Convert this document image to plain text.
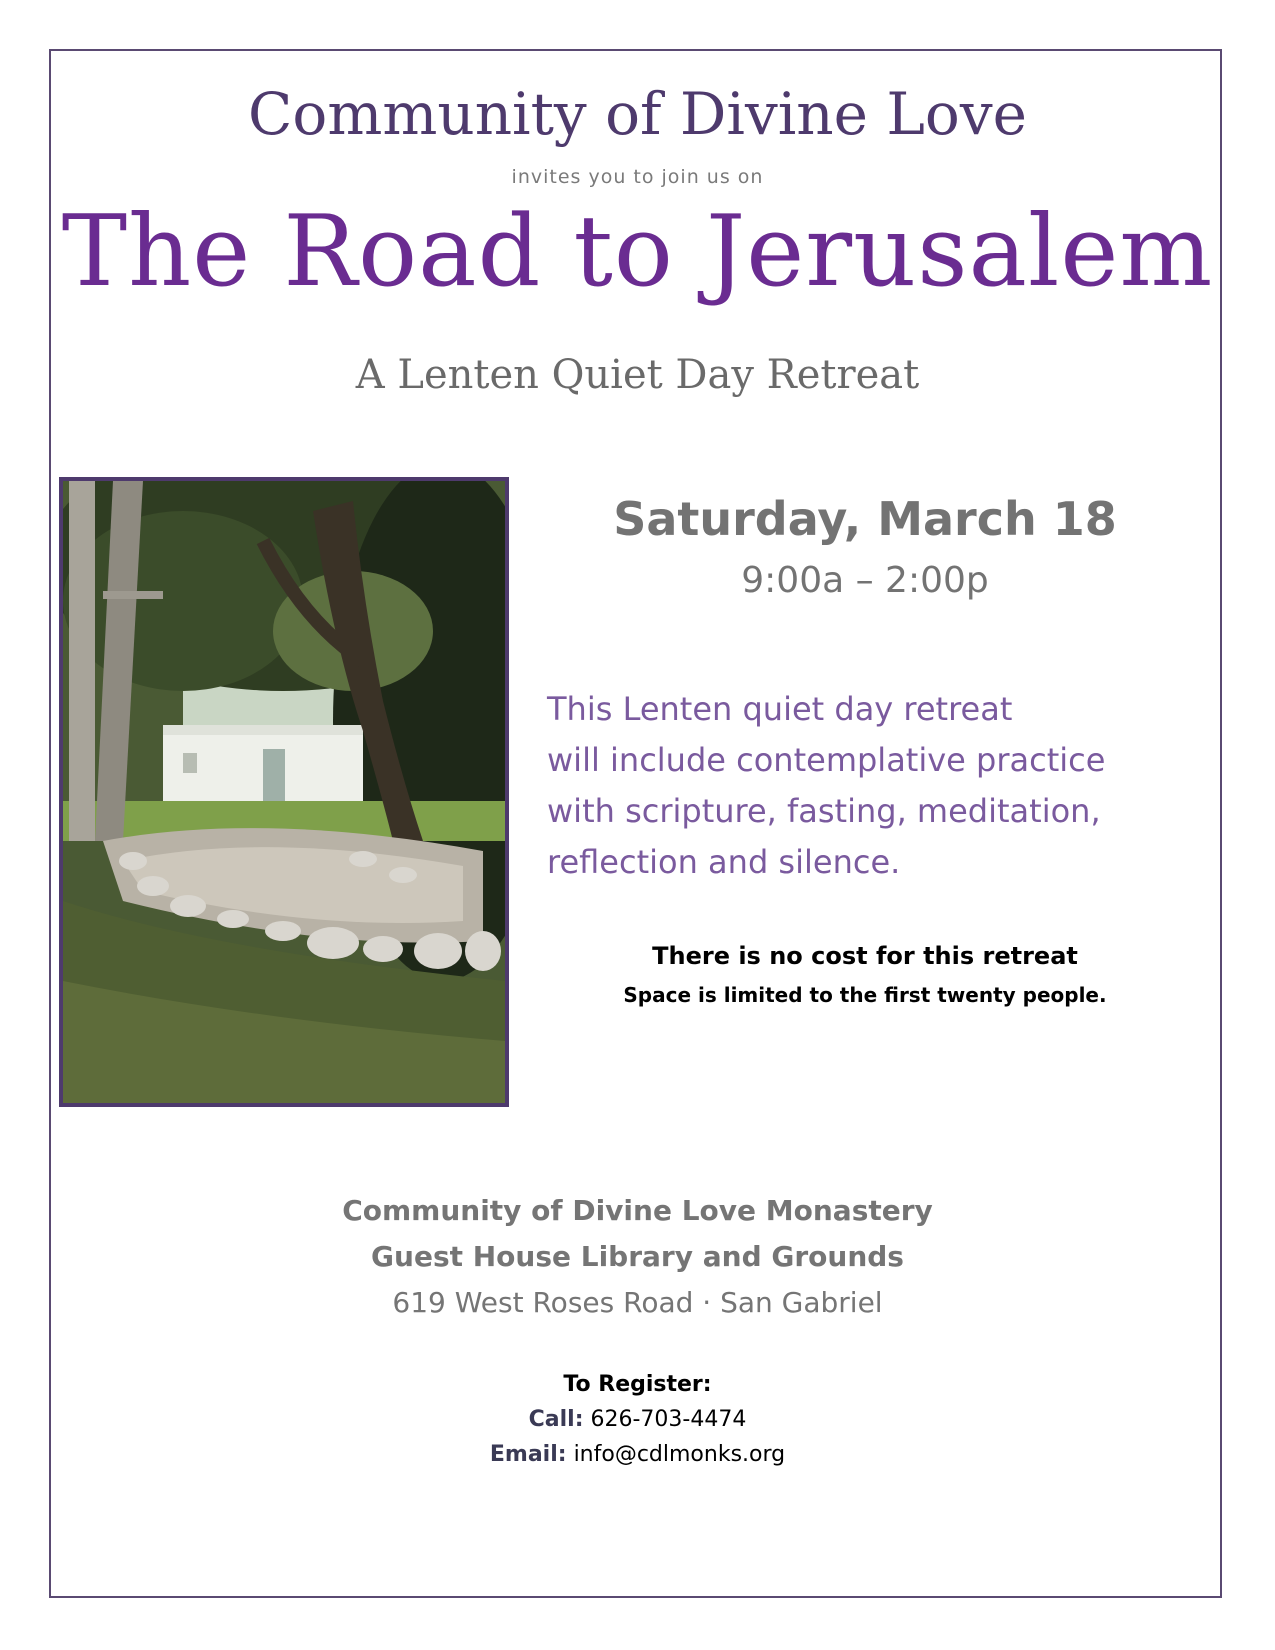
Community of Divine Love
invites you to join us on
The Road to Jerusalem
A Lenten Quiet Day Retreat
Saturday, March 18
9:00a – 2:00p
This Lenten quiet day retreat
will include contemplative practice
with scripture, fasting, meditation,
reflection and silence.
There is no cost for this retreat
Space is limited to the first twenty people.
Community of Divine Love Monastery
Guest House Library and Grounds
619 West Roses Road · San Gabriel
To Register:
Call: 626-703-4474
Email: info@cdlmonks.org
